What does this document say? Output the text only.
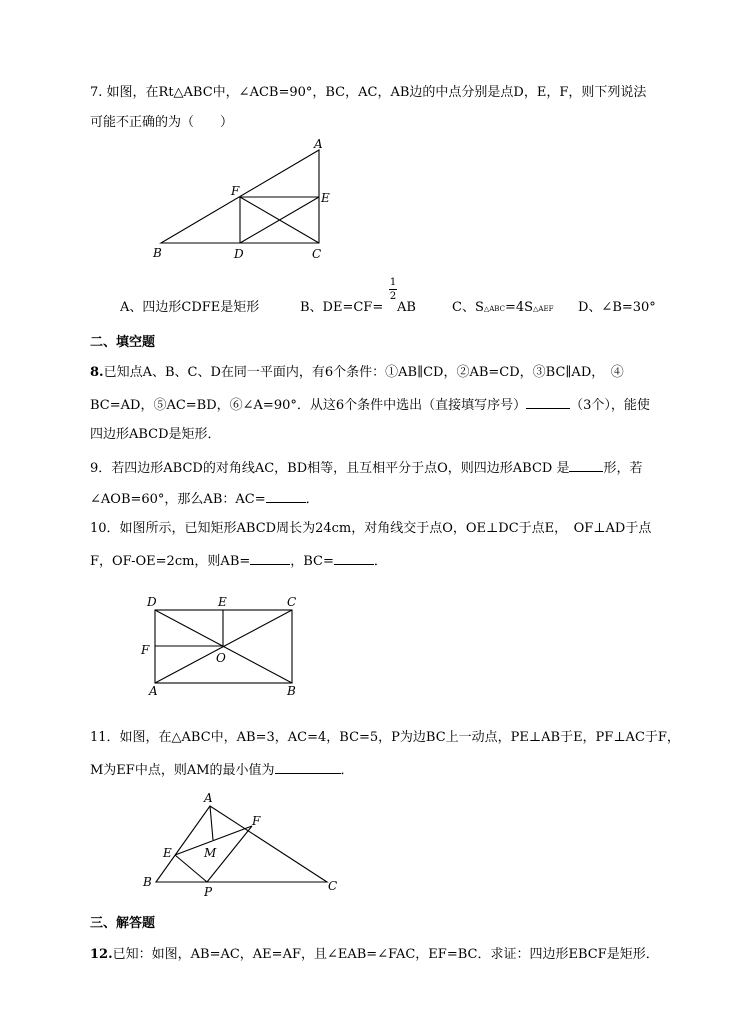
7. 如图，在Rt△ABC中，∠ACB=90°，BC，AC，AB边的中点分别是点D，E，F，则下列说法
可能不正确的为（　　）
A
B	C
D
E
F
D	E	C
F
O
A	B
A
B	C
E
F
M
P
A、四边形CDFE是矩形	B、DE=CF=
1
2
AB	C、S△ABC=4S△AEF D、∠B=30°
二、填空题
8.已知点A、B、C、D在同一平面内，有6个条件：①AB∥CD，②AB=CD，③BC∥AD，　④
BC=AD，⑤AC=BD，⑥∠A=90°．从这6个条件中选出（直接填写序号）	（3个），能使
四边形ABCD是矩形．
9．若四边形ABCD的对角线AC，BD相等，且互相平分于点O，则四边形ABCD 是	形，若
∠AOB=60°，那么AB：AC=	．
10．如图所示，已知矩形ABCD周长为24cm，对角线交于点O，OE⊥DC于点E，　OF⊥AD于点
F，OF-OE=2cm，则AB=	，BC=	．
11．如图，在△ABC中，AB=3，AC=4，BC=5，P为边BC上一动点，PE⊥AB于E，PF⊥AC于F，
M为EF中点，则AM的最小值为	．
三、解答题
12.已知：如图，AB=AC，AE=AF，且∠EAB=∠FAC，EF=BC．求证：四边形EBCF是矩形．
